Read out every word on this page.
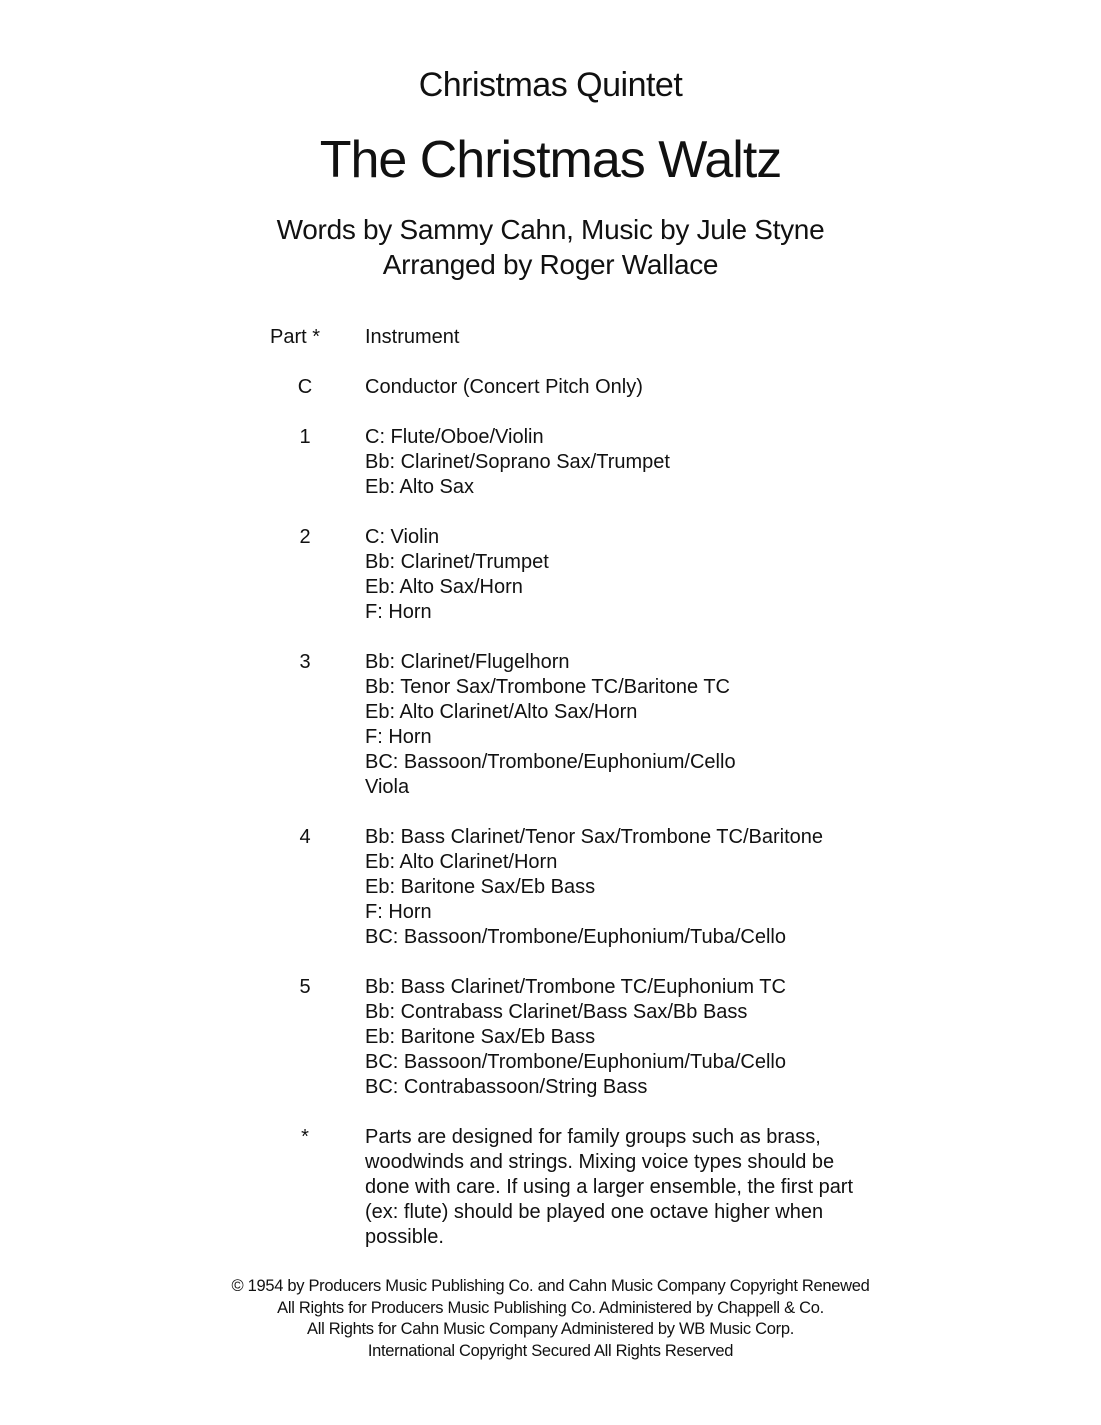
Christmas Quintet
The Christmas Waltz
Words by Sammy Cahn, Music by Jule Styne
Arranged by Roger Wallace
Part *	Instrument
C	Conductor (Concert Pitch Only)
1	C: Flute/Oboe/Violin
Bb: Clarinet/Soprano Sax/Trumpet
Eb: Alto Sax
2	C: Violin
Bb: Clarinet/Trumpet
Eb: Alto Sax/Horn
F: Horn
3	Bb: Clarinet/Flugelhorn
Bb: Tenor Sax/Trombone TC/Baritone TC
Eb: Alto Clarinet/Alto Sax/Horn
F: Horn
BC: Bassoon/Trombone/Euphonium/Cello
Viola
4	Bb: Bass Clarinet/Tenor Sax/Trombone TC/Baritone
Eb: Alto Clarinet/Horn
Eb: Baritone Sax/Eb Bass
F: Horn
BC: Bassoon/Trombone/Euphonium/Tuba/Cello
5	Bb: Bass Clarinet/Trombone TC/Euphonium TC
Bb: Contrabass Clarinet/Bass Sax/Bb Bass
Eb: Baritone Sax/Eb Bass
BC: Bassoon/Trombone/Euphonium/Tuba/Cello
BC: Contrabassoon/String Bass
*	Parts are designed for family groups such as brass,
woodwinds and strings. Mixing voice types should be
done with care. If using a larger ensemble, the first part
(ex: flute) should be played one octave higher when
possible.
© 1954 by Producers Music Publishing Co. and Cahn Music Company Copyright Renewed
All Rights for Producers Music Publishing Co. Administered by Chappell & Co.
All Rights for Cahn Music Company Administered by WB Music Corp.
International Copyright Secured All Rights Reserved
